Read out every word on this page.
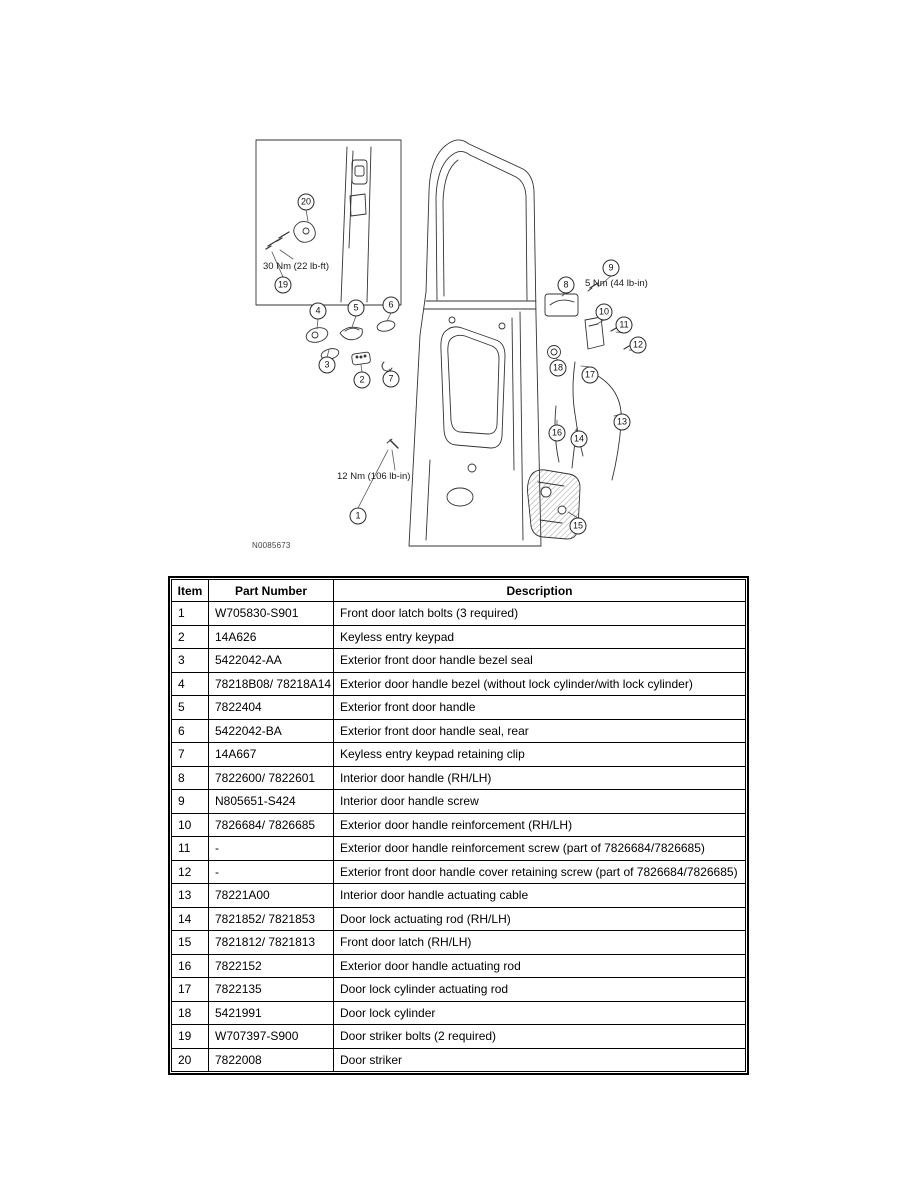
30 Nm (22 lb-ft)
5 Nm (44 lb-in)
12 Nm (106 lb-in)
1
2
3
4	5	6
7
8
9
10
11
12
13
14
15
16
17
18
19
20
N0085673
Item	Part Number	Description
1	W705830-S901	Front door latch bolts (3 required)
2	14A626	Keyless entry keypad
3	5422042-AA	Exterior front door handle bezel seal
4	78218B08/ 78218A14	Exterior door handle bezel (without lock cylinder/with lock cylinder)
5	7822404	Exterior front door handle
6	5422042-BA	Exterior front door handle seal, rear
7	14A667	Keyless entry keypad retaining clip
8	7822600/ 7822601	Interior door handle (RH/LH)
9	N805651-S424	Interior door handle screw
10	7826684/ 7826685	Exterior door handle reinforcement (RH/LH)
11	-	Exterior door handle reinforcement screw (part of 7826684/7826685)
12	-	Exterior front door handle cover retaining screw (part of 7826684/7826685)
13	78221A00	Interior door handle actuating cable
14	7821852/ 7821853	Door lock actuating rod (RH/LH)
15	7821812/ 7821813	Front door latch (RH/LH)
16	7822152	Exterior door handle actuating rod
17	7822135	Door lock cylinder actuating rod
18	5421991	Door lock cylinder
19	W707397-S900	Door striker bolts (2 required)
20	7822008	Door striker
